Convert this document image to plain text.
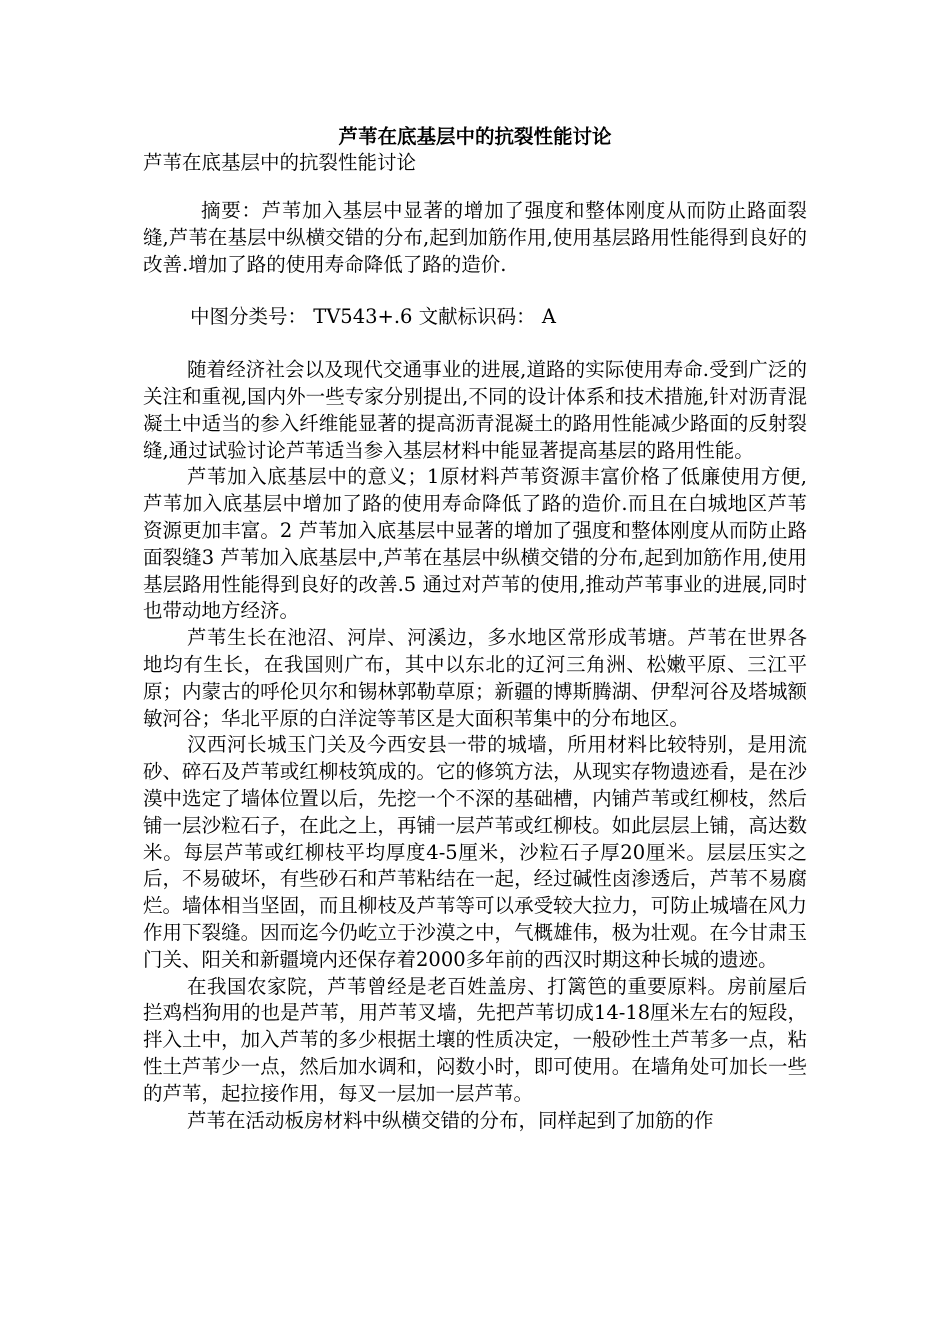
芦苇在底基层中的抗裂性能讨论
芦苇在底基层中的抗裂性能讨论

摘要：芦苇加入基层中显著的增加了强度和整体刚度从而防止路面裂缝,芦苇在基层中纵横交错的分布,起到加筋作用,使用基层路用性能得到良好的改善.增加了路的使用寿命降低了路的造价.

中图分类号： TV543+.6 文献标识码： A

随着经济社会以及现代交通事业的进展,道路的实际使用寿命.受到广泛的关注和重视,国内外一些专家分别提出,不同的设计体系和技术措施,针对沥青混凝土中适当的参入纤维能显著的提高沥青混凝土的路用性能减少路面的反射裂缝,通过试验讨论芦苇适当参入基层材料中能显著提高基层的路用性能。

芦苇加入底基层中的意义；1原材料芦苇资源丰富价格了低廉使用方便, 芦苇加入底基层中增加了路的使用寿命降低了路的造价.而且在白城地区芦苇资源更加丰富。2 芦苇加入底基层中显著的增加了强度和整体刚度从而防止路面裂缝3 芦苇加入底基层中,芦苇在基层中纵横交错的分布,起到加筋作用,使用基层路用性能得到良好的改善.5 通过对芦苇的使用,推动芦苇事业的进展,同时也带动地方经济。

芦苇生长在池沼、河岸、河溪边，多水地区常形成苇塘。芦苇在世界各地均有生长，在我国则广布，其中以东北的辽河三角洲、松嫩平原、三江平原；内蒙古的呼伦贝尔和锡林郭勒草原；新疆的博斯腾湖、伊犁河谷及塔城额敏河谷；华北平原的白洋淀等苇区是大面积苇集中的分布地区。

汉西河长城玉门关及今西安县一带的城墙，所用材料比较特别，是用流砂、碎石及芦苇或红柳枝筑成的。它的修筑方法，从现实存物遗迹看，是在沙漠中选定了墙体位置以后，先挖一个不深的基础槽，内铺芦苇或红柳枝，然后铺一层沙粒石子，在此之上，再铺一层芦苇或红柳枝。如此层层上铺，高达数米。每层芦苇或红柳枝平均厚度4-5厘米，沙粒石子厚20厘米。层层压实之后，不易破坏，有些砂石和芦苇粘结在一起，经过碱性卤渗透后，芦苇不易腐烂。墙体相当坚固，而且柳枝及芦苇等可以承受较大拉力，可防止城墙在风力作用下裂缝。因而迄今仍屹立于沙漠之中，气概雄伟，极为壮观。在今甘肃玉门关、阳关和新疆境内还保存着2000多年前的西汉时期这种长城的遗迹。

在我国农家院，芦苇曾经是老百姓盖房、打篱笆的重要原料。房前屋后拦鸡档狗用的也是芦苇，用芦苇叉墙，先把芦苇切成14-18厘米左右的短段，拌入土中，加入芦苇的多少根据土壤的性质决定，一般砂性土芦苇多一点，粘性土芦苇少一点，然后加水调和，闷数小时，即可使用。在墙角处可加长一些的芦苇，起拉接作用，每叉一层加一层芦苇。

芦苇在活动板房材料中纵横交错的分布，同样起到了加筋的作
